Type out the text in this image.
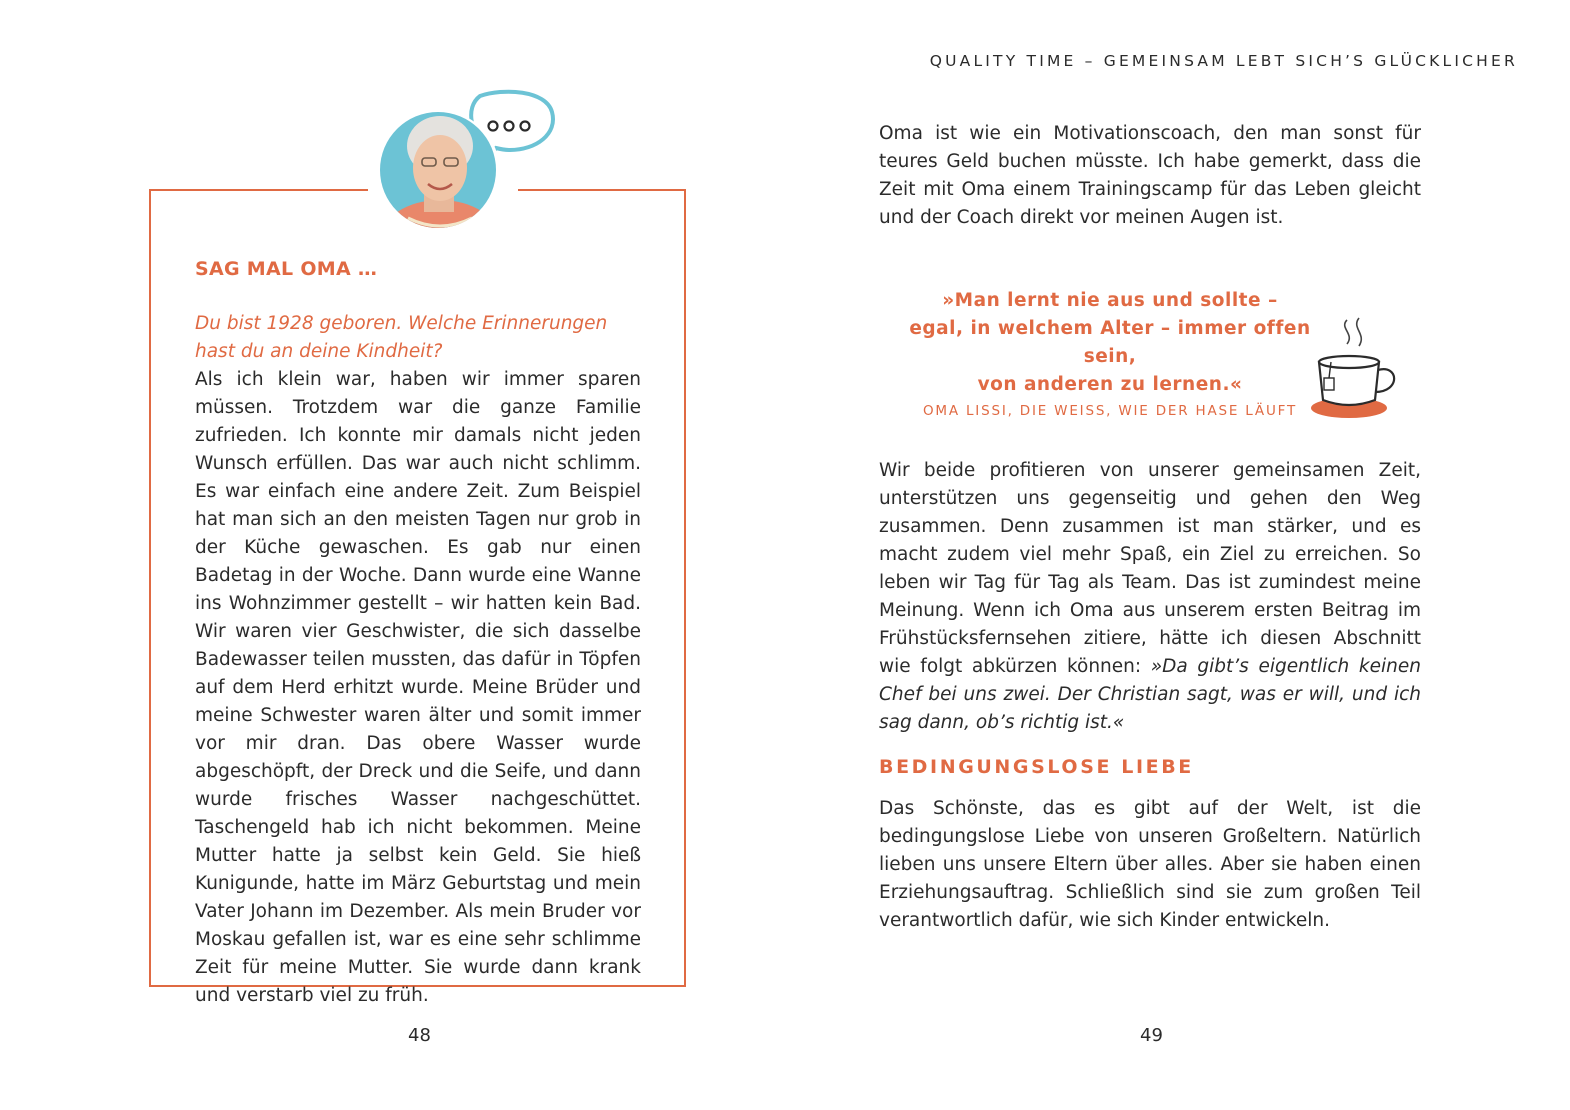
SAG MAL OMA …

Du bist 1928 geboren. Welche Erinnerungen hast du an deine Kindheit?

Als ich klein war, haben wir immer sparen müssen. Trotzdem war die ganze Familie zufrieden. Ich konnte mir damals nicht jeden Wunsch erfüllen. Das war auch nicht schlimm. Es war einfach eine andere Zeit. Zum Beispiel hat man sich an den meisten Tagen nur grob in der Küche gewaschen. Es gab nur einen Badetag in der Woche. Dann wurde eine Wanne ins Wohnzimmer gestellt – wir hatten kein Bad. Wir waren vier Geschwister, die sich dasselbe Badewasser teilen mussten, das dafür in Töpfen auf dem Herd erhitzt wurde. Meine Brüder und meine Schwester waren älter und somit immer vor mir dran. Das obere Wasser wurde abgeschöpft, der Dreck und die Seife, und dann wurde frisches Wasser nachgeschüttet. Taschengeld hab ich nicht bekommen. Meine Mutter hatte ja selbst kein Geld. Sie hieß Kunigunde, hatte im März Geburtstag und mein Vater Johann im Dezember. Als mein Bruder vor Moskau gefallen ist, war es eine sehr schlimme Zeit für meine Mutter. Sie wurde dann krank und verstarb viel zu früh.

48
QUALITY TIME – GEMEINSAM LEBT SICH’S GLÜCKLICHER

Oma ist wie ein Motivationscoach, den man sonst für teures Geld buchen müsste. Ich habe gemerkt, dass die Zeit mit Oma einem Trainingscamp für das Leben gleicht und der Coach direkt vor meinen Augen ist.

»Man lernt nie aus und sollte –

egal, in welchem Alter – immer offen sein,

von anderen zu lernen.«

OMA LISSI, DIE WEISS, WIE DER HASE LÄUFT

Wir beide profitieren von unserer gemeinsamen Zeit, unterstützen uns gegenseitig und gehen den Weg zusammen. Denn zusammen ist man stärker, und es macht zudem viel mehr Spaß, ein Ziel zu erreichen. So leben wir Tag für Tag als Team. Das ist zumindest meine Meinung. Wenn ich Oma aus unserem ersten Beitrag im Frühstücksfernsehen zitiere, hätte ich diesen Abschnitt wie folgt abkürzen können: »Da gibt’s eigentlich keinen Chef bei uns zwei. Der Christian sagt, was er will, und ich sag dann, ob’s richtig ist.«

BEDINGUNGSLOSE LIEBE

Das Schönste, das es gibt auf der Welt, ist die bedingungslose Liebe von unseren Großeltern. Natürlich lieben uns unsere Eltern über alles. Aber sie haben einen Erziehungsauftrag. Schließlich sind sie zum großen Teil verantwortlich dafür, wie sich Kinder entwickeln.

49
